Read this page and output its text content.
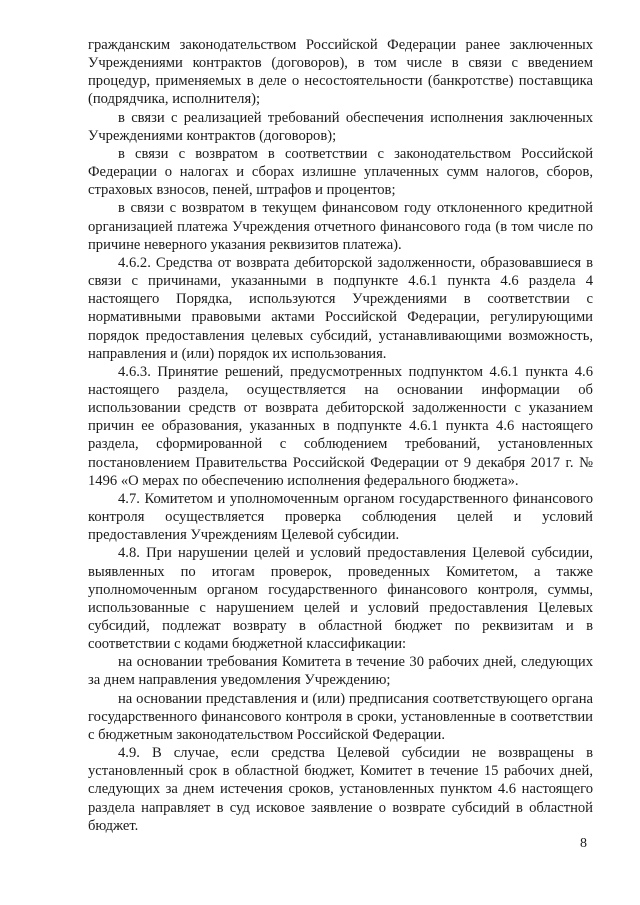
гражданским законодательством Российской Федерации ранее заключенных Учреждениями контрактов (договоров), в том числе в связи с введением процедур, применяемых в деле о несостоятельности (банкротстве) поставщика (подрядчика, исполнителя);

в связи с реализацией требований обеспечения исполнения заключенных Учреждениями контрактов (договоров);

в связи с возвратом в соответствии с законодательством Российской Федерации о налогах и сборах излишне уплаченных сумм налогов, сборов, страховых взносов, пеней, штрафов и процентов;

в связи с возвратом в текущем финансовом году отклоненного кредитной организацией платежа Учреждения отчетного финансового года (в том числе по причине неверного указания реквизитов платежа).

4.6.2. Средства от возврата дебиторской задолженности, образовавшиеся в связи с причинами, указанными в подпункте 4.6.1 пункта 4.6 раздела 4 настоящего Порядка, используются Учреждениями в соответствии с нормативными правовыми актами Российской Федерации, регулирующими порядок предоставления целевых субсидий, устанавливающими возможность, направления и (или) порядок их использования.

4.6.3. Принятие решений, предусмотренных подпунктом 4.6.1 пункта 4.6 настоящего раздела, осуществляется на основании информации об использовании средств от возврата дебиторской задолженности с указанием причин ее образования, указанных в подпункте 4.6.1 пункта 4.6 настоящего раздела, сформированной с соблюдением требований, установленных постановлением Правительства Российской Федерации от 9 декабря 2017 г. № 1496 «О мерах по обеспечению исполнения федерального бюджета».

4.7. Комитетом и уполномоченным органом государственного финансового контроля осуществляется проверка соблюдения целей и условий предоставления Учреждениям Целевой субсидии.

4.8. При нарушении целей и условий предоставления Целевой субсидии, выявленных по итогам проверок, проведенных Комитетом, а также уполномоченным органом государственного финансового контроля, суммы, использованные с нарушением целей и условий предоставления Целевых субсидий, подлежат возврату в областной бюджет по реквизитам и в соответствии с кодами бюджетной классификации:

на основании требования Комитета в течение 30 рабочих дней, следующих за днем направления уведомления Учреждению;

на основании представления и (или) предписания соответствующего органа государственного финансового контроля в сроки, установленные в соответствии с бюджетным законодательством Российской Федерации.

4.9. В случае, если средства Целевой субсидии не возвращены в установленный срок в областной бюджет, Комитет в течение 15 рабочих дней, следующих за днем истечения сроков, установленных пунктом 4.6 настоящего раздела направляет в суд исковое заявление о возврате субсидий в областной бюджет.

8
